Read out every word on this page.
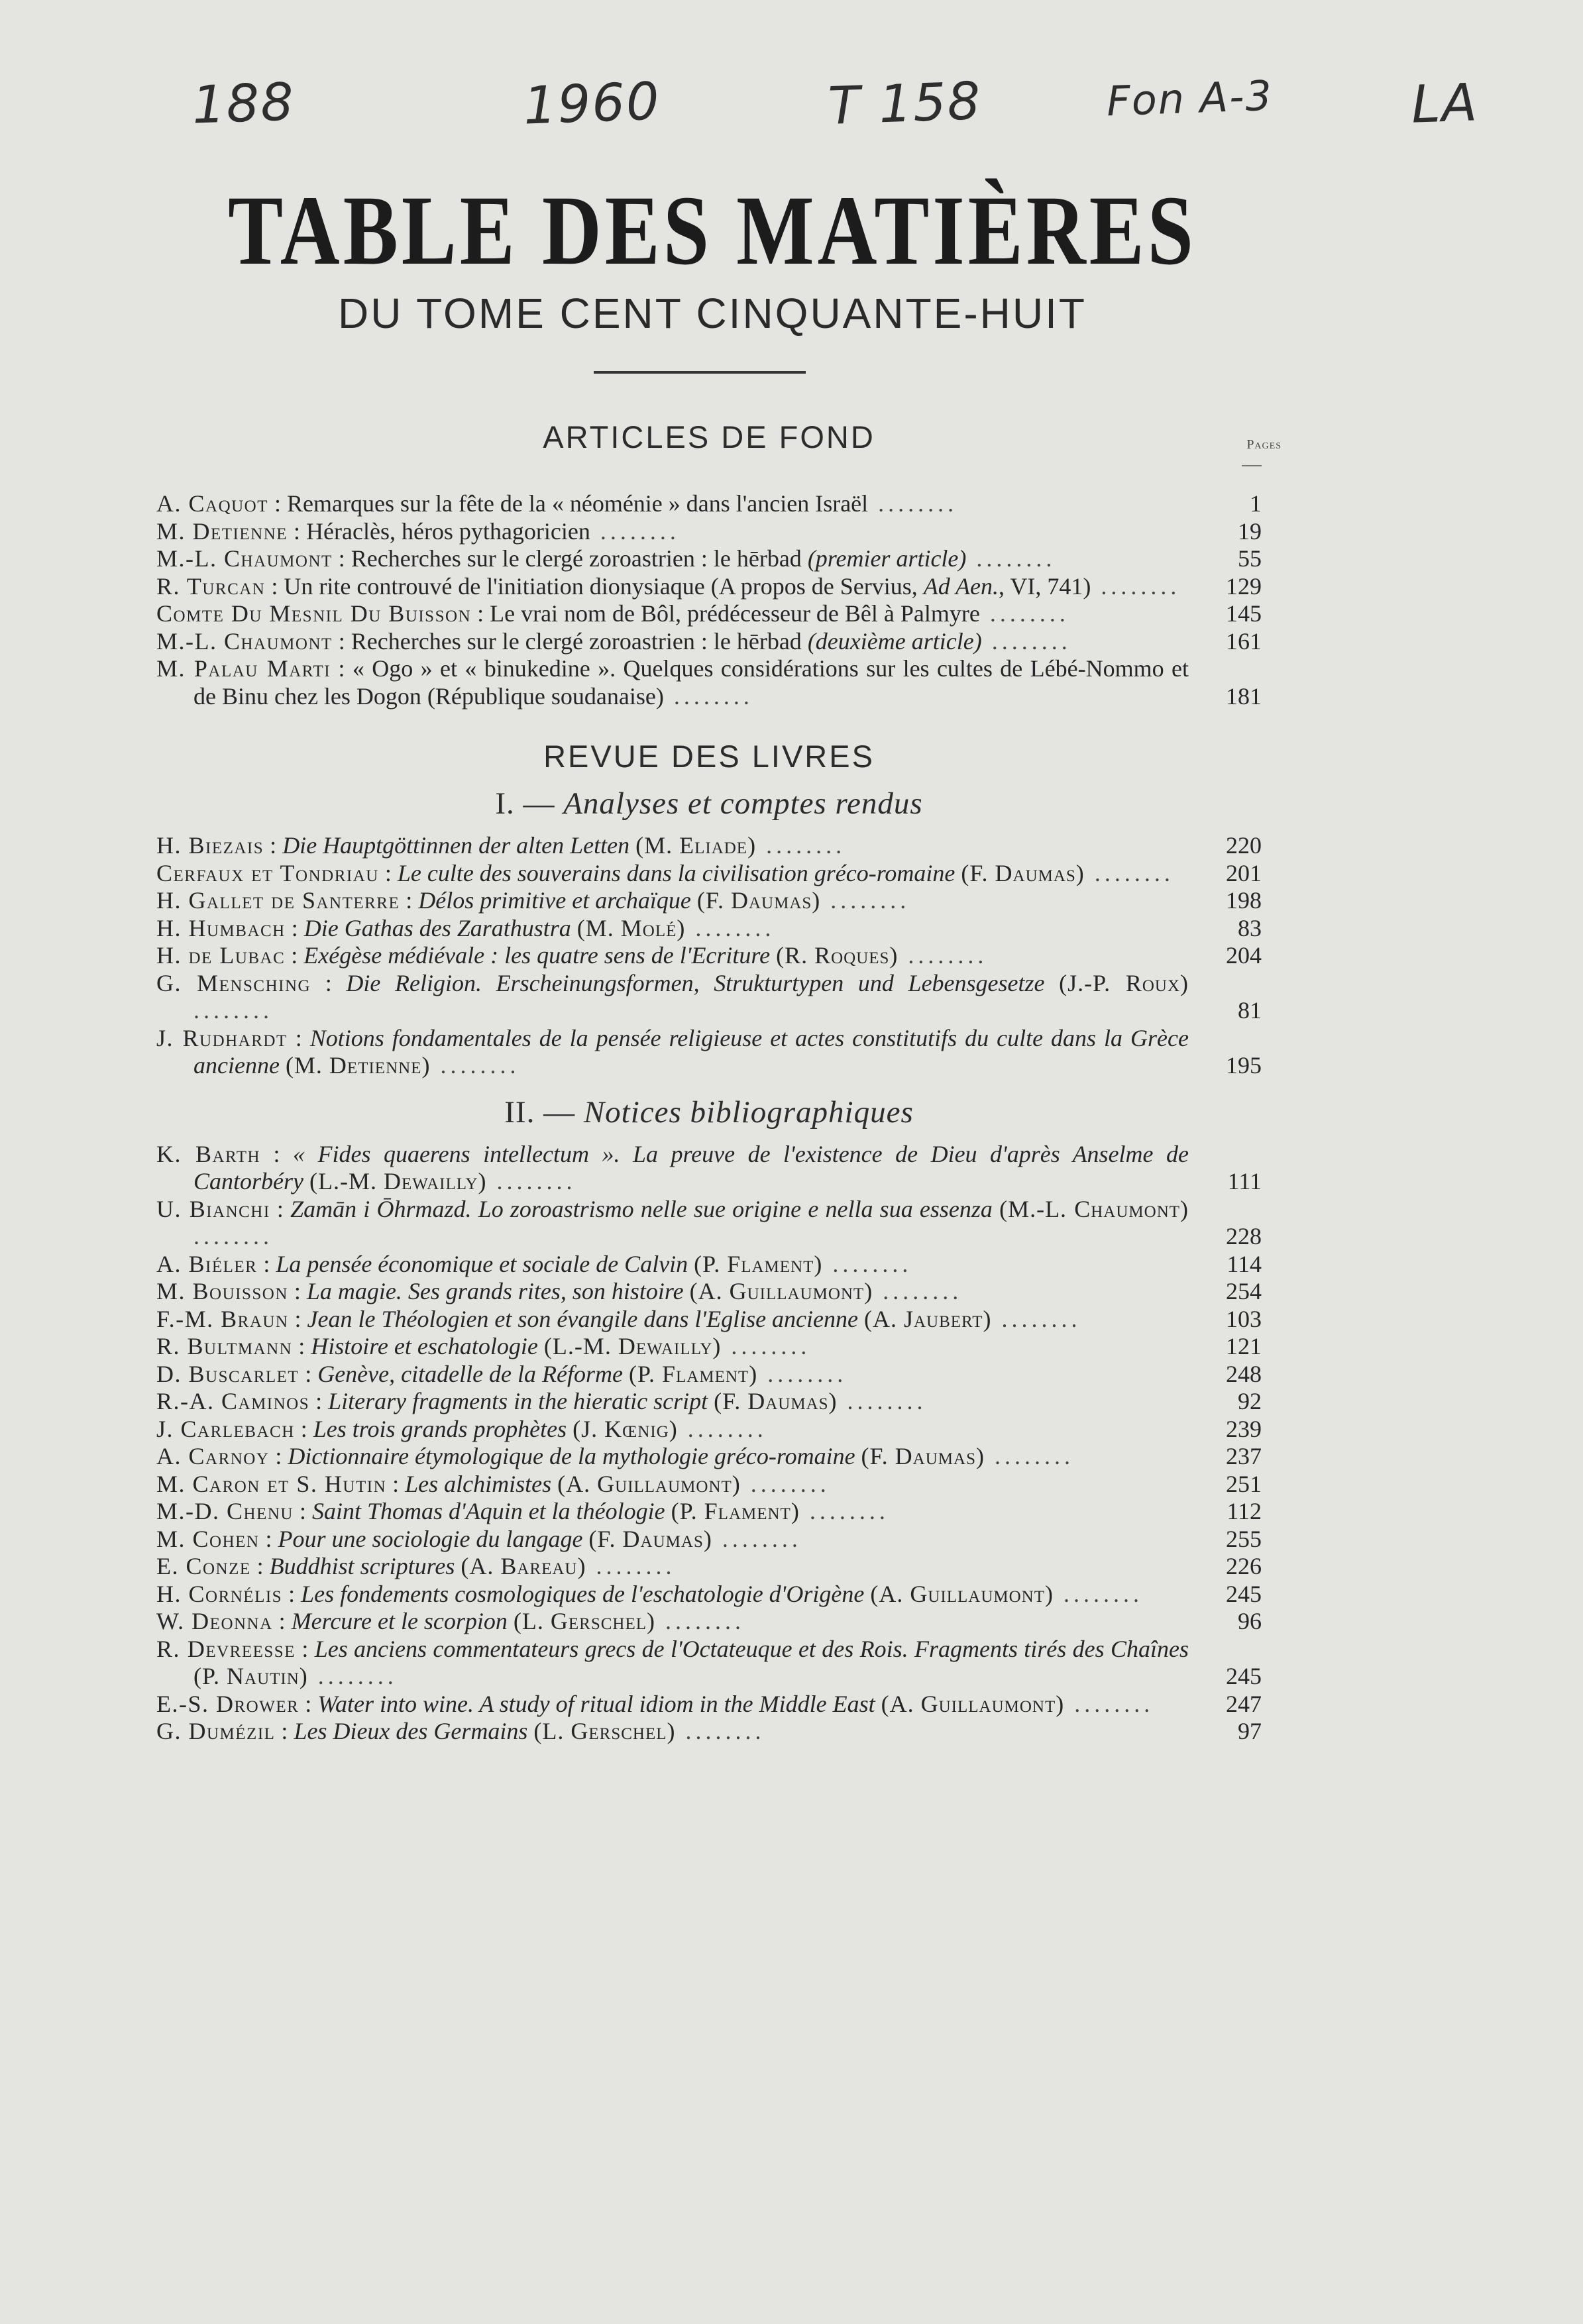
188	1960	T 158	Fon A-3	LA
TABLE DES MATIÈRES
DU TOME CENT CINQUANTE-HUIT
ARTICLES DE FOND	Pages
A. Caquot : Remarques sur la fête de la « néoménie » dans l'ancien Israël ........	1
M. Detienne : Héraclès, héros pythagoricien ........	19
M.-L. Chaumont : Recherches sur le clergé zoroastrien : le hērbad (premier article) ........	55
R. Turcan : Un rite controuvé de l'initiation dionysiaque (A propos de Servius, Ad Aen., VI, 741) ........	129
Comte Du Mesnil Du Buisson : Le vrai nom de Bôl, prédécesseur de Bêl à Palmyre ........	145
M.-L. Chaumont : Recherches sur le clergé zoroastrien : le hērbad (deuxième article) ........	161
M. Palau Marti : « Ogo » et « binukedine ». Quelques considérations sur les cultes de Lébé-Nommo et de Binu chez les Dogon (République soudanaise) ........	181
REVUE DES LIVRES
I. — Analyses et comptes rendus
H. Biezais : Die Hauptgöttinnen der alten Letten (M. Eliade) ........	220
Cerfaux et Tondriau : Le culte des souverains dans la civilisation gréco-romaine (F. Daumas) ........	201
H. Gallet de Santerre : Délos primitive et archaïque (F. Daumas) ........	198
H. Humbach : Die Gathas des Zarathustra (M. Molé) ........	83
H. de Lubac : Exégèse médiévale : les quatre sens de l'Ecriture (R. Roques) ........	204
G. Mensching : Die Religion. Erscheinungsformen, Strukturtypen und Lebensgesetze (J.-P. Roux) ........	81
J. Rudhardt : Notions fondamentales de la pensée religieuse et actes constitutifs du culte dans la Grèce ancienne (M. Detienne) ........	195
II. — Notices bibliographiques
K. Barth : « Fides quaerens intellectum ». La preuve de l'existence de Dieu d'après Anselme de Cantorbéry (L.-M. Dewailly) ........	111
U. Bianchi : Zamān i Ōhrmazd. Lo zoroastrismo nelle sue origine e nella sua essenza (M.-L. Chaumont) ........	228
A. Biéler : La pensée économique et sociale de Calvin (P. Flament) ........	114
M. Bouisson : La magie. Ses grands rites, son histoire (A. Guillaumont) ........	254
F.-M. Braun : Jean le Théologien et son évangile dans l'Eglise ancienne (A. Jaubert) ........	103
R. Bultmann : Histoire et eschatologie (L.-M. Dewailly) ........	121
D. Buscarlet : Genève, citadelle de la Réforme (P. Flament) ........	248
R.-A. Caminos : Literary fragments in the hieratic script (F. Daumas) ........	92
J. Carlebach : Les trois grands prophètes (J. Kœnig) ........	239
A. Carnoy : Dictionnaire étymologique de la mythologie gréco-romaine (F. Daumas) ........	237
M. Caron et S. Hutin : Les alchimistes (A. Guillaumont) ........	251
M.-D. Chenu : Saint Thomas d'Aquin et la théologie (P. Flament) ........	112
M. Cohen : Pour une sociologie du langage (F. Daumas) ........	255
E. Conze : Buddhist scriptures (A. Bareau) ........	226
H. Cornélis : Les fondements cosmologiques de l'eschatologie d'Origène (A. Guillaumont) ........	245
W. Deonna : Mercure et le scorpion (L. Gerschel) ........	96
R. Devreesse : Les anciens commentateurs grecs de l'Octateuque et des Rois. Fragments tirés des Chaînes (P. Nautin) ........	245
E.-S. Drower : Water into wine. A study of ritual idiom in the Middle East (A. Guillaumont) ........	247
G. Dumézil : Les Dieux des Germains (L. Gerschel) ........	97
